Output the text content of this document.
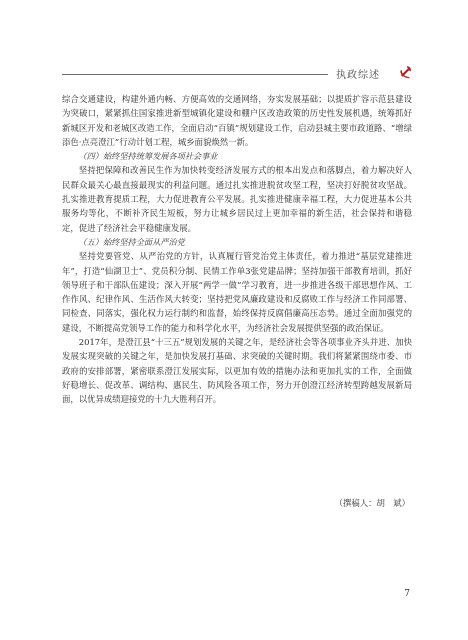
执政综述

综合交通建设，构建外通内畅、方便高效的交通网络，夯实发展基础；以提质扩容示范县建设为突破口，紧紧抓住国家推进新型城镇化建设和棚户区改造政策的历史性发展机遇，统筹抓好新城区开发和老城区改造工作，全面启动“百镇”规划建设工作，启动县城主要市政道路、“增绿添色·点亮澄江”行动计划工程，城乡面貌焕然一新。

（四）始终坚持统筹发展各项社会事业

坚持把保障和改善民生作为加快转变经济发展方式的根本出发点和落脚点，着力解决好人民群众最关心最直接最现实的利益问题。通过扎实推进脱贫攻坚工程，坚决打好脱贫攻坚战。扎实推进教育提质工程，大力促进教育公平发展。扎实推进健康幸福工程，大力促进基本公共服务均等化，不断补齐民生短板，努力让城乡居民过上更加幸福的新生活，社会保持和谐稳定，促进了经济社会平稳健康发展。

（五）始终坚持全面从严治党

坚持党要管党、从严治党的方针，认真履行管党治党主体责任，着力推进“基层党建推进年”，打造“仙湖卫士”、党员积分制、民情工作单3张党建品牌；坚持加强干部教育培训，抓好领导班子和干部队伍建设；深入开展“两学一做”学习教育，进一步推进各级干部思想作风、工作作风、纪律作风、生活作风大转变；坚持把党风廉政建设和反腐败工作与经济工作同部署、同检查、同落实，强化权力运行制约和监督，始终保持反腐倡廉高压态势。通过全面加强党的建设，不断提高党领导工作的能力和科学化水平，为经济社会发展提供坚强的政治保证。

2017年，是澄江县“十三五”规划发展的关键之年，是经济社会等各项事业齐头并进、加快发展实现突破的关键之年，是加快发展打基础、求突破的关键时期。我们将紧紧围绕市委、市政府的安排部署，紧密联系澄江发展实际，以更加有效的措施办法和更加扎实的工作，全面做好稳增长、促改革、调结构、惠民生、防风险各项工作，努力开创澄江经济转型跨越发展新局面，以优异成绩迎接党的十九大胜利召开。

（撰稿人：胡　斌）
7
